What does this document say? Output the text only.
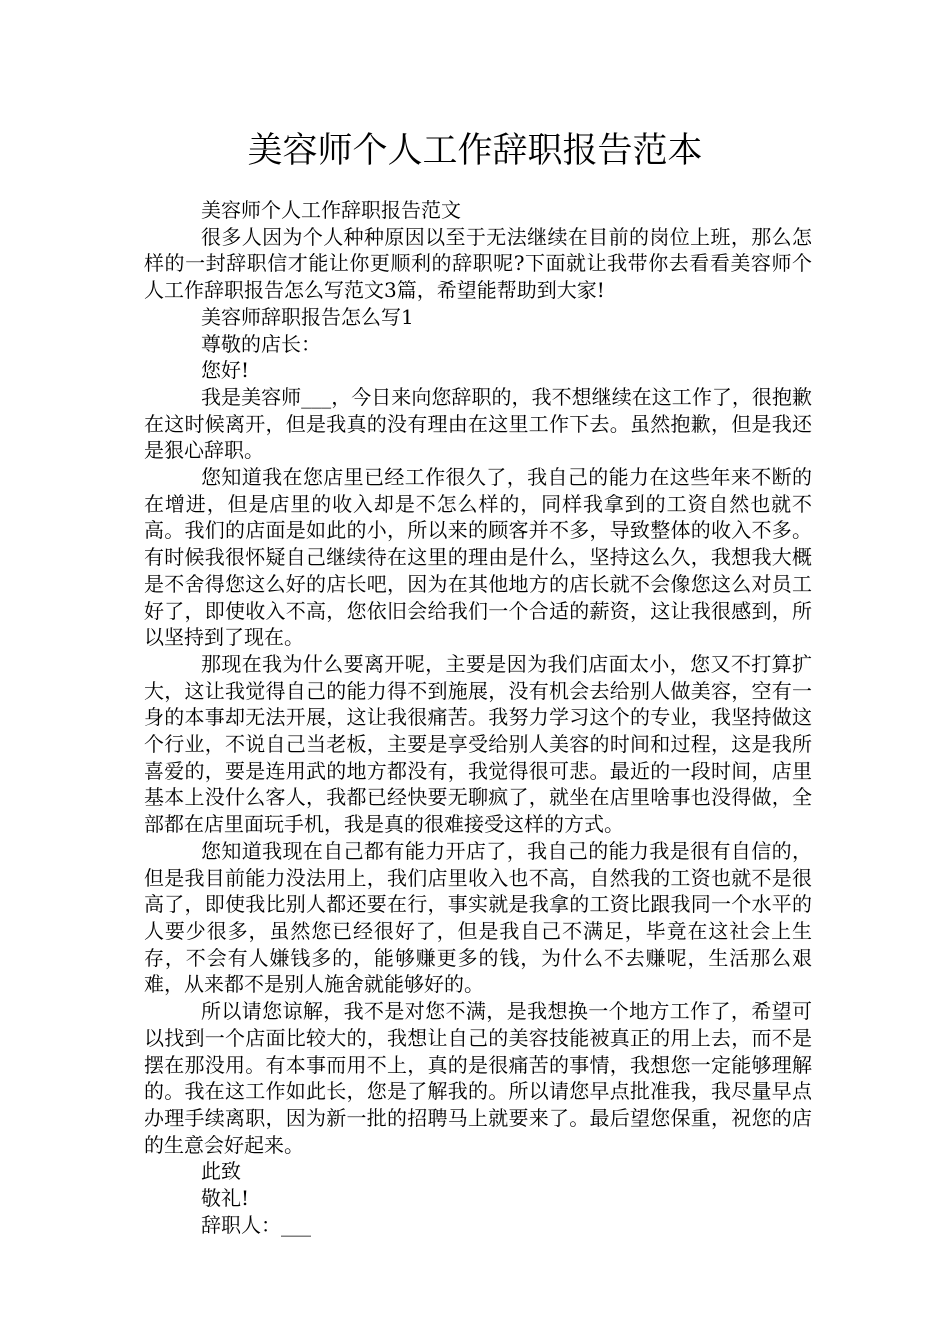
美容师个人工作辞职报告范本

美容师个人工作辞职报告范文

很多人因为个人种种原因以至于无法继续在目前的岗位上班，那么怎样的一封辞职信才能让你更顺利的辞职呢?下面就让我带你去看看美容师个人工作辞职报告怎么写范文3篇，希望能帮助到大家!

美容师辞职报告怎么写1

尊敬的店长：

您好!

我是美容师___，今日来向您辞职的，我不想继续在这工作了，很抱歉在这时候离开，但是我真的没有理由在这里工作下去。虽然抱歉，但是我还是狠心辞职。

您知道我在您店里已经工作很久了，我自己的能力在这些年来不断的在增进，但是店里的收入却是不怎么样的，同样我拿到的工资自然也就不高。我们的店面是如此的小，所以来的顾客并不多，导致整体的收入不多。有时候我很怀疑自己继续待在这里的理由是什么，坚持这么久，我想我大概是不舍得您这么好的店长吧，因为在其他地方的店长就不会像您这么对员工好了，即使收入不高，您依旧会给我们一个合适的薪资，这让我很感到，所以坚持到了现在。

那现在我为什么要离开呢，主要是因为我们店面太小，您又不打算扩大，这让我觉得自己的能力得不到施展，没有机会去给别人做美容，空有一身的本事却无法开展，这让我很痛苦。我努力学习这个的专业，我坚持做这个行业，不说自己当老板，主要是享受给别人美容的时间和过程，这是我所喜爱的，要是连用武的地方都没有，我觉得很可悲。最近的一段时间，店里基本上没什么客人，我都已经快要无聊疯了，就坐在店里啥事也没得做，全部都在店里面玩手机，我是真的很难接受这样的方式。

您知道我现在自己都有能力开店了，我自己的能力我是很有自信的，但是我目前能力没法用上，我们店里收入也不高，自然我的工资也就不是很高了，即使我比别人都还要在行，事实就是我拿的工资比跟我同一个水平的人要少很多，虽然您已经很好了，但是我自己不满足，毕竟在这社会上生存，不会有人嫌钱多的，能够赚更多的钱，为什么不去赚呢，生活那么艰难，从来都不是别人施舍就能够好的。

所以请您谅解，我不是对您不满，是我想换一个地方工作了，希望可以找到一个店面比较大的，我想让自己的美容技能被真正的用上去，而不是摆在那没用。有本事而用不上，真的是很痛苦的事情，我想您一定能够理解的。我在这工作如此长，您是了解我的。所以请您早点批准我，我尽量早点办理手续离职，因为新一批的招聘马上就要来了。最后望您保重，祝您的店的生意会好起来。

此致

敬礼!

辞职人：___
